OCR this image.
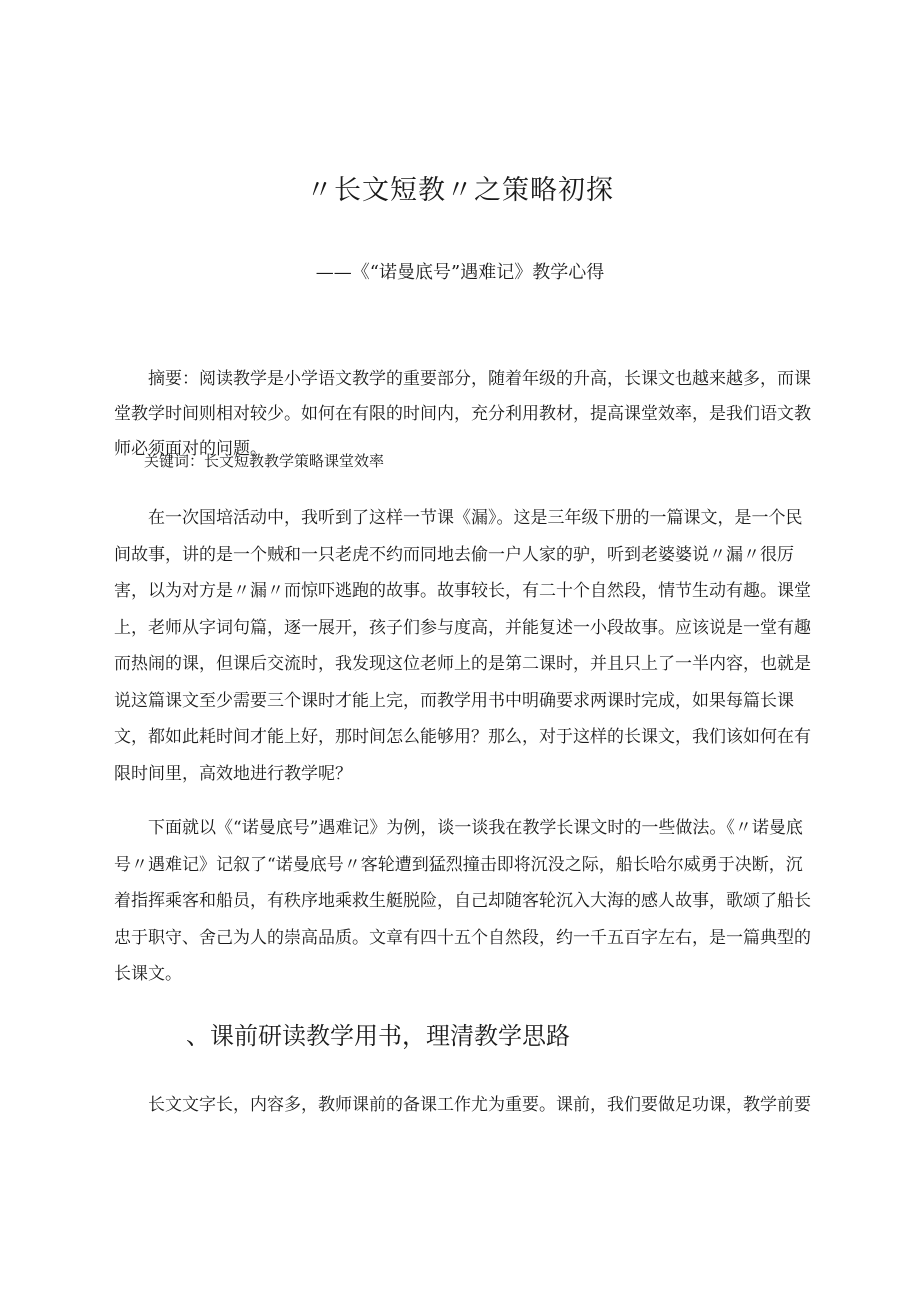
〃长文短教〃之策略初探
——《“诺曼底号”遇难记》教学心得
摘要：阅读教学是小学语文教学的重要部分，随着年级的升高，长课文也越来越多，而课堂教学时间则相对较少。如何在有限的时间内，充分利用教材，提高课堂效率，是我们语文教师必须面对的问题。
关键词：长文短教教学策略课堂效率
在一次国培活动中，我听到了这样一节课《漏》。这是三年级下册的一篇课文，是一个民间故事，讲的是一个贼和一只老虎不约而同地去偷一户人家的驴，听到老婆婆说〃漏〃很厉害，以为对方是〃漏〃而惊吓逃跑的故事。故事较长，有二十个自然段，情节生动有趣。课堂上，老师从字词句篇，逐一展开，孩子们参与度高，并能复述一小段故事。应该说是一堂有趣而热闹的课，但课后交流时，我发现这位老师上的是第二课时，并且只上了一半内容，也就是说这篇课文至少需要三个课时才能上完，而教学用书中明确要求两课时完成，如果每篇长课文，都如此耗时间才能上好，那时间怎么能够用？那么，对于这样的长课文，我们该如何在有限时间里，高效地进行教学呢？
下面就以《“诺曼底号”遇难记》为例，谈一谈我在教学长课文时的一些做法。《〃诺曼底号〃遇难记》记叙了“诺曼底号〃客轮遭到猛烈撞击即将沉没之际，船长哈尔威勇于决断，沉着指挥乘客和船员，有秩序地乘救生艇脱险，自己却随客轮沉入大海的感人故事，歌颂了船长忠于职守、舍己为人的崇高品质。文章有四十五个自然段，约一千五百字左右，是一篇典型的长课文。
、课前研读教学用书，理清教学思路
长文文字长，内容多，教师课前的备课工作尤为重要。课前，我们要做足功课，教学前要
